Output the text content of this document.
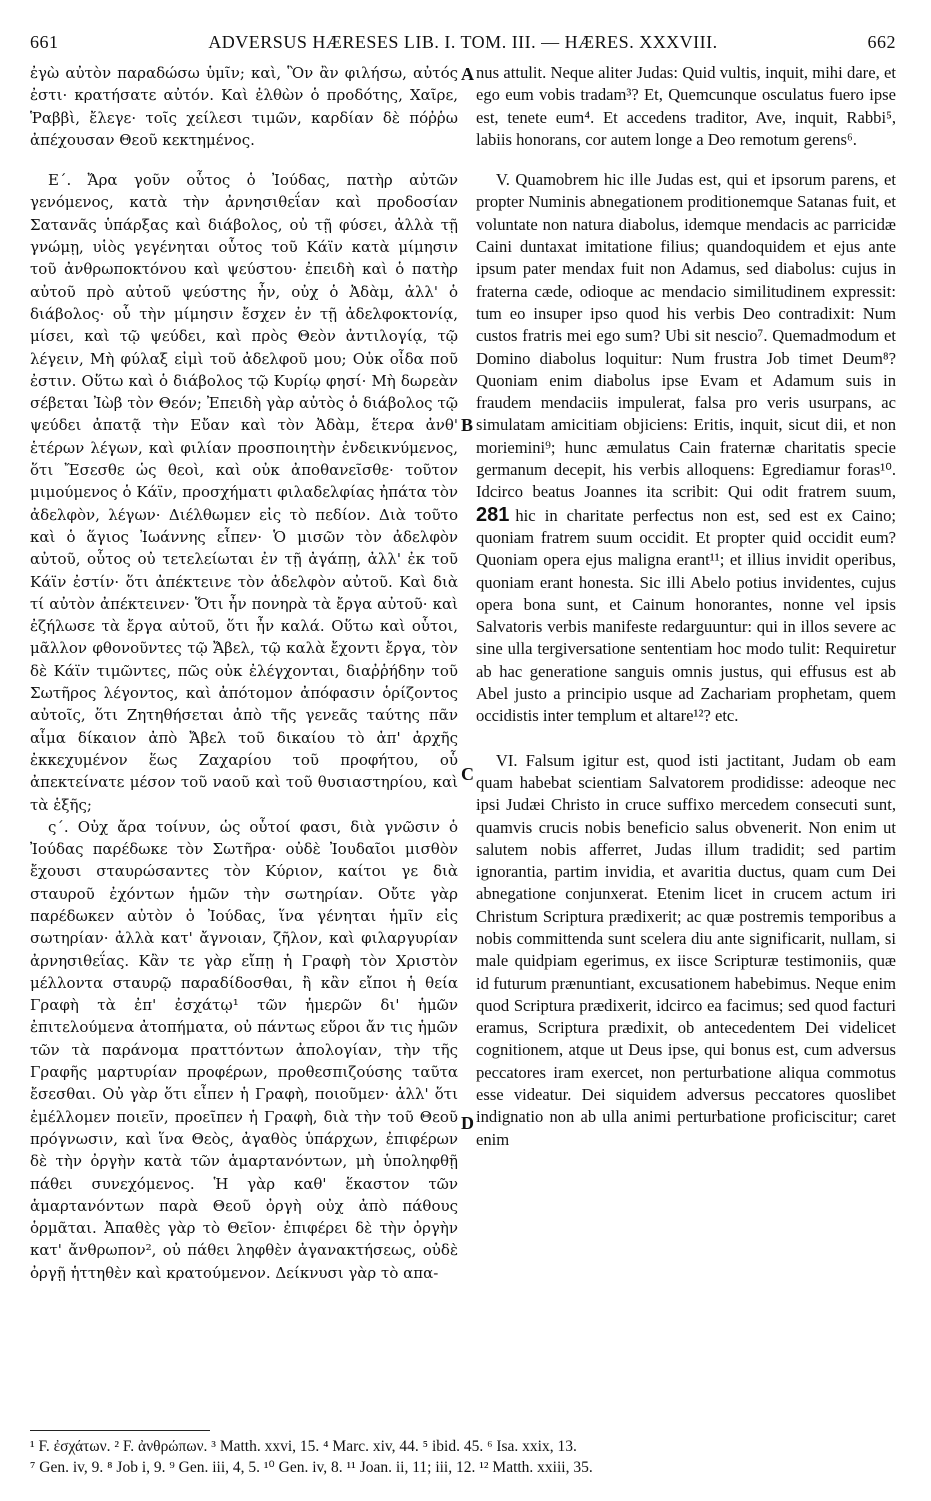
661	ADVERSUS HÆRESES LIB. I. TOM. III. — HÆRES. XXXVIII.	662

ἐγὼ αὐτὸν παραδώσω ὑμῖν; καὶ, Ὃν ἂν φιλήσω, αὐτός ἐστι· κρατήσατε αὐτόν. Καὶ ἐλθὼν ὁ προδότης, Χαῖρε, Ῥαββὶ, ἔλεγε· τοῖς χείλεσι τιμῶν, καρδίαν δὲ πόῤῥω ἀπέχουσαν Θεοῦ κεκτημένος.

Ε΄. Ἄρα γοῦν οὗτος ὁ Ἰούδας, πατὴρ αὐτῶν γενόμενος, κατὰ τὴν ἀρνησιθεΐαν καὶ προδοσίαν Σατανᾶς ὑπάρξας καὶ διάβολος, οὐ τῇ φύσει, ἀλλὰ τῇ γνώμῃ, υἱὸς γεγένηται οὗτος τοῦ Κάϊν κατὰ μίμησιν τοῦ ἀνθρωποκτόνου καὶ ψεύστου· ἐπειδὴ καὶ ὁ πατὴρ αὐτοῦ πρὸ αὐτοῦ ψεύστης ἦν, οὐχ ὁ Ἀδὰμ, ἀλλ' ὁ διάβολος· οὗ τὴν μίμησιν ἔσχεν ἐν τῇ ἀδελφοκτονίᾳ, μίσει, καὶ τῷ ψεύδει, καὶ πρὸς Θεὸν ἀντιλογίᾳ, τῷ λέγειν, Μὴ φύλαξ εἰμὶ τοῦ ἀδελφοῦ μου; Οὐκ οἶδα ποῦ ἐστιν. Οὕτω καὶ ὁ διάβολος τῷ Κυρίῳ φησί· Μὴ δωρεὰν σέβεται Ἰὼβ τὸν Θεόν; Ἐπειδὴ γὰρ αὐτὸς ὁ διάβολος τῷ ψεύδει ἀπατᾷ τὴν Εὔαν καὶ τὸν Ἀδὰμ, ἕτερα ἀνθ' ἑτέρων λέγων, καὶ φιλίαν προσποιητὴν ἐνδεικνύμενος, ὅτι Ἔσεσθε ὡς θεοὶ, καὶ οὐκ ἀποθανεῖσθε· τοῦτον μιμούμενος ὁ Κάϊν, προσχήματι φιλαδελφίας ἠπάτα τὸν ἀδελφὸν, λέγων· Διέλθωμεν εἰς τὸ πεδίον. Διὰ τοῦτο καὶ ὁ ἅγιος Ἰωάννης εἶπεν· Ὁ μισῶν τὸν ἀδελφὸν αὐτοῦ, οὗτος οὐ τετελείωται ἐν τῇ ἀγάπῃ, ἀλλ' ἐκ τοῦ Κάϊν ἐστίν· ὅτι ἀπέκτεινε τὸν ἀδελφὸν αὐτοῦ. Καὶ διὰ τί αὐτὸν ἀπέκτεινεν· Ὅτι ἦν πονηρὰ τὰ ἔργα αὐτοῦ· καὶ ἐζήλωσε τὰ ἔργα αὐτοῦ, ὅτι ἦν καλά. Οὕτω καὶ οὗτοι, μᾶλλον φθονοῦντες τῷ Ἄβελ, τῷ καλὰ ἔχοντι ἔργα, τὸν δὲ Κάϊν τιμῶντες, πῶς οὐκ ἐλέγχονται, διαῤῥήδην τοῦ Σωτῆρος λέγοντος, καὶ ἀπότομον ἀπόφασιν ὁρίζοντος αὐτοῖς, ὅτι Ζητηθήσεται ἀπὸ τῆς γενεᾶς ταύτης πᾶν αἷμα δίκαιον ἀπὸ Ἄβελ τοῦ δικαίου τὸ ἀπ' ἀρχῆς ἐκκεχυμένον ἕως Ζαχαρίου τοῦ προφήτου, οὗ ἀπεκτείνατε μέσον τοῦ ναοῦ καὶ τοῦ θυσιαστηρίου, καὶ τὰ ἑξῆς;

ς΄. Οὐχ ἄρα τοίνυν, ὡς οὗτοί φασι, διὰ γνῶσιν ὁ Ἰούδας παρέδωκε τὸν Σωτῆρα· οὐδὲ Ἰουδαῖοι μισθὸν ἔχουσι σταυρώσαντες τὸν Κύριον, καίτοι γε διὰ σταυροῦ ἐχόντων ἡμῶν τὴν σωτηρίαν. Οὔτε γὰρ παρέδωκεν αὐτὸν ὁ Ἰούδας, ἵνα γένηται ἡμῖν εἰς σωτηρίαν· ἀλλὰ κατ' ἄγνοιαν, ζῆλον, καὶ φιλαργυρίαν ἀρνησιθεΐας. Κἂν τε γὰρ εἴπῃ ἡ Γραφὴ τὸν Χριστὸν μέλλοντα σταυρῷ παραδίδοσθαι, ἢ κἂν εἴποι ἡ θεία Γραφὴ τὰ ἐπ' ἐσχάτῳ¹ τῶν ἡμερῶν δι' ἡμῶν ἐπιτελούμενα ἀτοπήματα, οὐ πάντως εὕροι ἄν τις ἡμῶν τῶν τὰ παράνομα πραττόντων ἀπολογίαν, τὴν τῆς Γραφῆς μαρτυρίαν προφέρων, προθεσπιζούσης ταῦτα ἔσεσθαι. Οὐ γὰρ ὅτι εἶπεν ἡ Γραφὴ, ποιοῦμεν· ἀλλ' ὅτι ἐμέλλομεν ποιεῖν, προεῖπεν ἡ Γραφὴ, διὰ τὴν τοῦ Θεοῦ πρόγνωσιν, καὶ ἵνα Θεὸς, ἀγαθὸς ὑπάρχων, ἐπιφέρων δὲ τὴν ὀργὴν κατὰ τῶν ἁμαρτανόντων, μὴ ὑποληφθῇ πάθει συνεχόμενος. Ἡ γὰρ καθ' ἕκαστον τῶν ἁμαρτανόντων παρὰ Θεοῦ ὀργὴ οὐχ ἀπὸ πάθους ὁρμᾶται. Ἀπαθὲς γὰρ τὸ Θεῖον· ἐπιφέρει δὲ τὴν ὀργὴν κατ' ἄνθρωπον², οὐ πάθει ληφθὲν ἀγανακτήσεως, οὐδὲ ὀργῇ ἡττηθὲν καὶ κρατούμενον. Δείκνυσι γὰρ τὸ απα-

A
B
C
D

nus attulit. Neque aliter Judas: Quid vultis, inquit, mihi dare, et ego eum vobis tradam³? Et, Quemcunque osculatus fuero ipse est, tenete eum⁴. Et accedens traditor, Ave, inquit, Rabbi⁵, labiis honorans, cor autem longe a Deo remotum gerens⁶.

V. Quamobrem hic ille Judas est, qui et ipsorum parens, et propter Numinis abnegationem proditionemque Satanas fuit, et voluntate non natura diabolus, idemque mendacis ac parricidæ Caini duntaxat imitatione filius; quandoquidem et ejus ante ipsum pater mendax fuit non Adamus, sed diabolus: cujus in fraterna cæde, odioque ac mendacio similitudinem expressit: tum eo insuper ipso quod his verbis Deo contradixit: Num custos fratris mei ego sum? Ubi sit nescio⁷. Quemadmodum et Domino diabolus loquitur: Num frustra Job timet Deum⁸? Quoniam enim diabolus ipse Evam et Adamum suis in fraudem mendaciis impulerat, falsa pro veris usurpans, ac simulatam amicitiam objiciens: Eritis, inquit, sicut dii, et non moriemini⁹; hunc æmulatus Cain fraternæ charitatis specie germanum decepit, his verbis alloquens: Egrediamur foras¹⁰. Idcirco beatus Joannes ita scribit: Qui odit fratrem suum, 281 hic in charitate perfectus non est, sed est ex Caino; quoniam fratrem suum occidit. Et propter quid occidit eum? Quoniam opera ejus maligna erant¹¹; et illius invidit operibus, quoniam erant honesta. Sic illi Abelo potius invidentes, cujus opera bona sunt, et Cainum honorantes, nonne vel ipsis Salvatoris verbis manifeste redarguuntur: qui in illos severe ac sine ulla tergiversatione sententiam hoc modo tulit: Requiretur ab hac generatione sanguis omnis justus, qui effusus est ab Abel justo a principio usque ad Zachariam prophetam, quem occidistis inter templum et altare¹²? etc.

VI. Falsum igitur est, quod isti jactitant, Judam ob eam quam habebat scientiam Salvatorem prodidisse: adeoque nec ipsi Judæi Christo in cruce suffixo mercedem consecuti sunt, quamvis crucis nobis beneficio salus obvenerit. Non enim ut salutem nobis afferret, Judas illum tradidit; sed partim ignorantia, partim invidia, et avaritia ductus, quam cum Dei abnegatione conjunxerat. Etenim licet in crucem actum iri Christum Scriptura prædixerit; ac quæ postremis temporibus a nobis committenda sunt scelera diu ante significarit, nullam, si male quidpiam egerimus, ex iisce Scripturæ testimoniis, quæ id futurum prænuntiant, excusationem habebimus. Neque enim quod Scriptura prædixerit, idcirco ea facimus; sed quod facturi eramus, Scriptura prædixit, ob antecedentem Dei videlicet cognitionem, atque ut Deus ipse, qui bonus est, cum adversus peccatores iram exercet, non perturbatione aliqua commotus esse videatur. Dei siquidem adversus peccatores quoslibet indignatio non ab ulla animi perturbatione proficiscitur; caret enim

¹ F. ἐσχάτων. ² F. ἀνθρώπων. ³ Matth. xxvi, 15. ⁴ Marc. xiv, 44. ⁵ ibid. 45. ⁶ Isa. xxix, 13.
⁷ Gen. iv, 9. ⁸ Job i, 9. ⁹ Gen. iii, 4, 5. ¹⁰ Gen. iv, 8. ¹¹ Joan. ii, 11; iii, 12. ¹² Matth. xxiii, 35.
